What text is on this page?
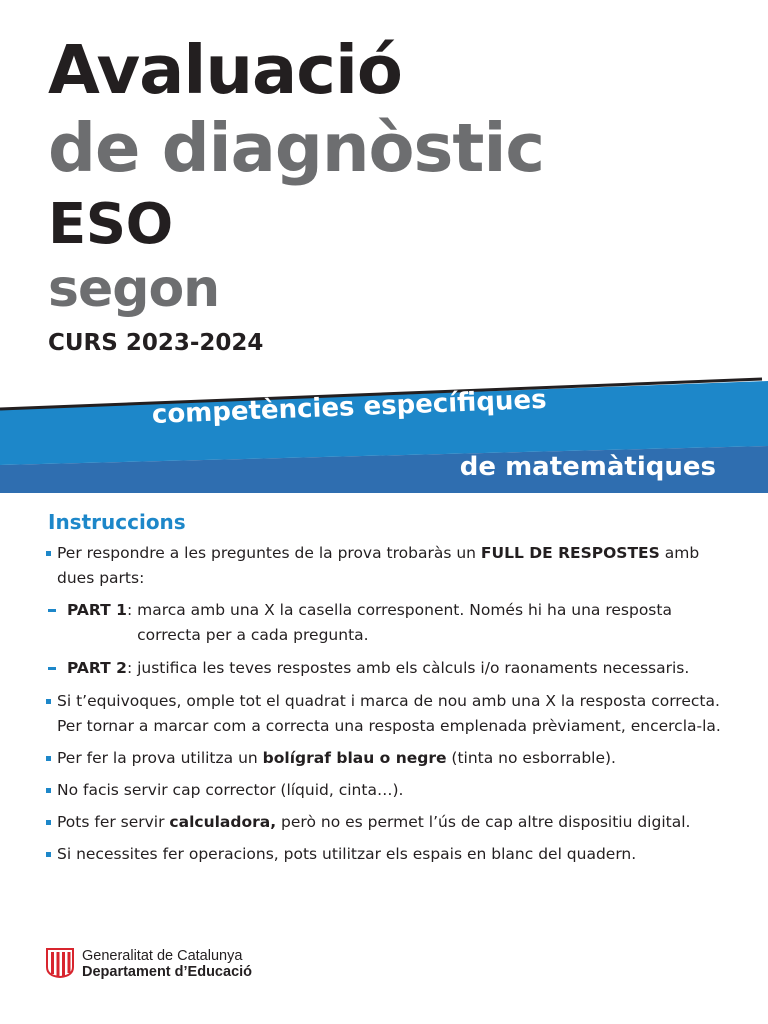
Avaluació
de diagnòstic
ESO
segon
CURS 2023-2024
competències específiques
de matemàtiques
Instruccions
Per respondre a les preguntes de la prova trobaràs un FULL DE RESPOSTES amb dues parts:
PART 1: marca amb una X la casella corresponent. Només hi ha una resposta correcta per a cada pregunta.
PART 2: justifica les teves respostes amb els càlculs i/o raonaments necessaris.
Si t’equivoques, omple tot el quadrat i marca de nou amb una X la resposta correcta.
Per tornar a marcar com a correcta una resposta emplenada prèviament, encercla-la.
Per fer la prova utilitza un bolígraf blau o negre (tinta no esborrable).
No facis servir cap corrector (líquid, cinta…).
Pots fer servir calculadora, però no es permet l’ús de cap altre dispositiu digital.
Si necessites fer operacions, pots utilitzar els espais en blanc del quadern.
Generalitat de Catalunya
Departament d’Educació
